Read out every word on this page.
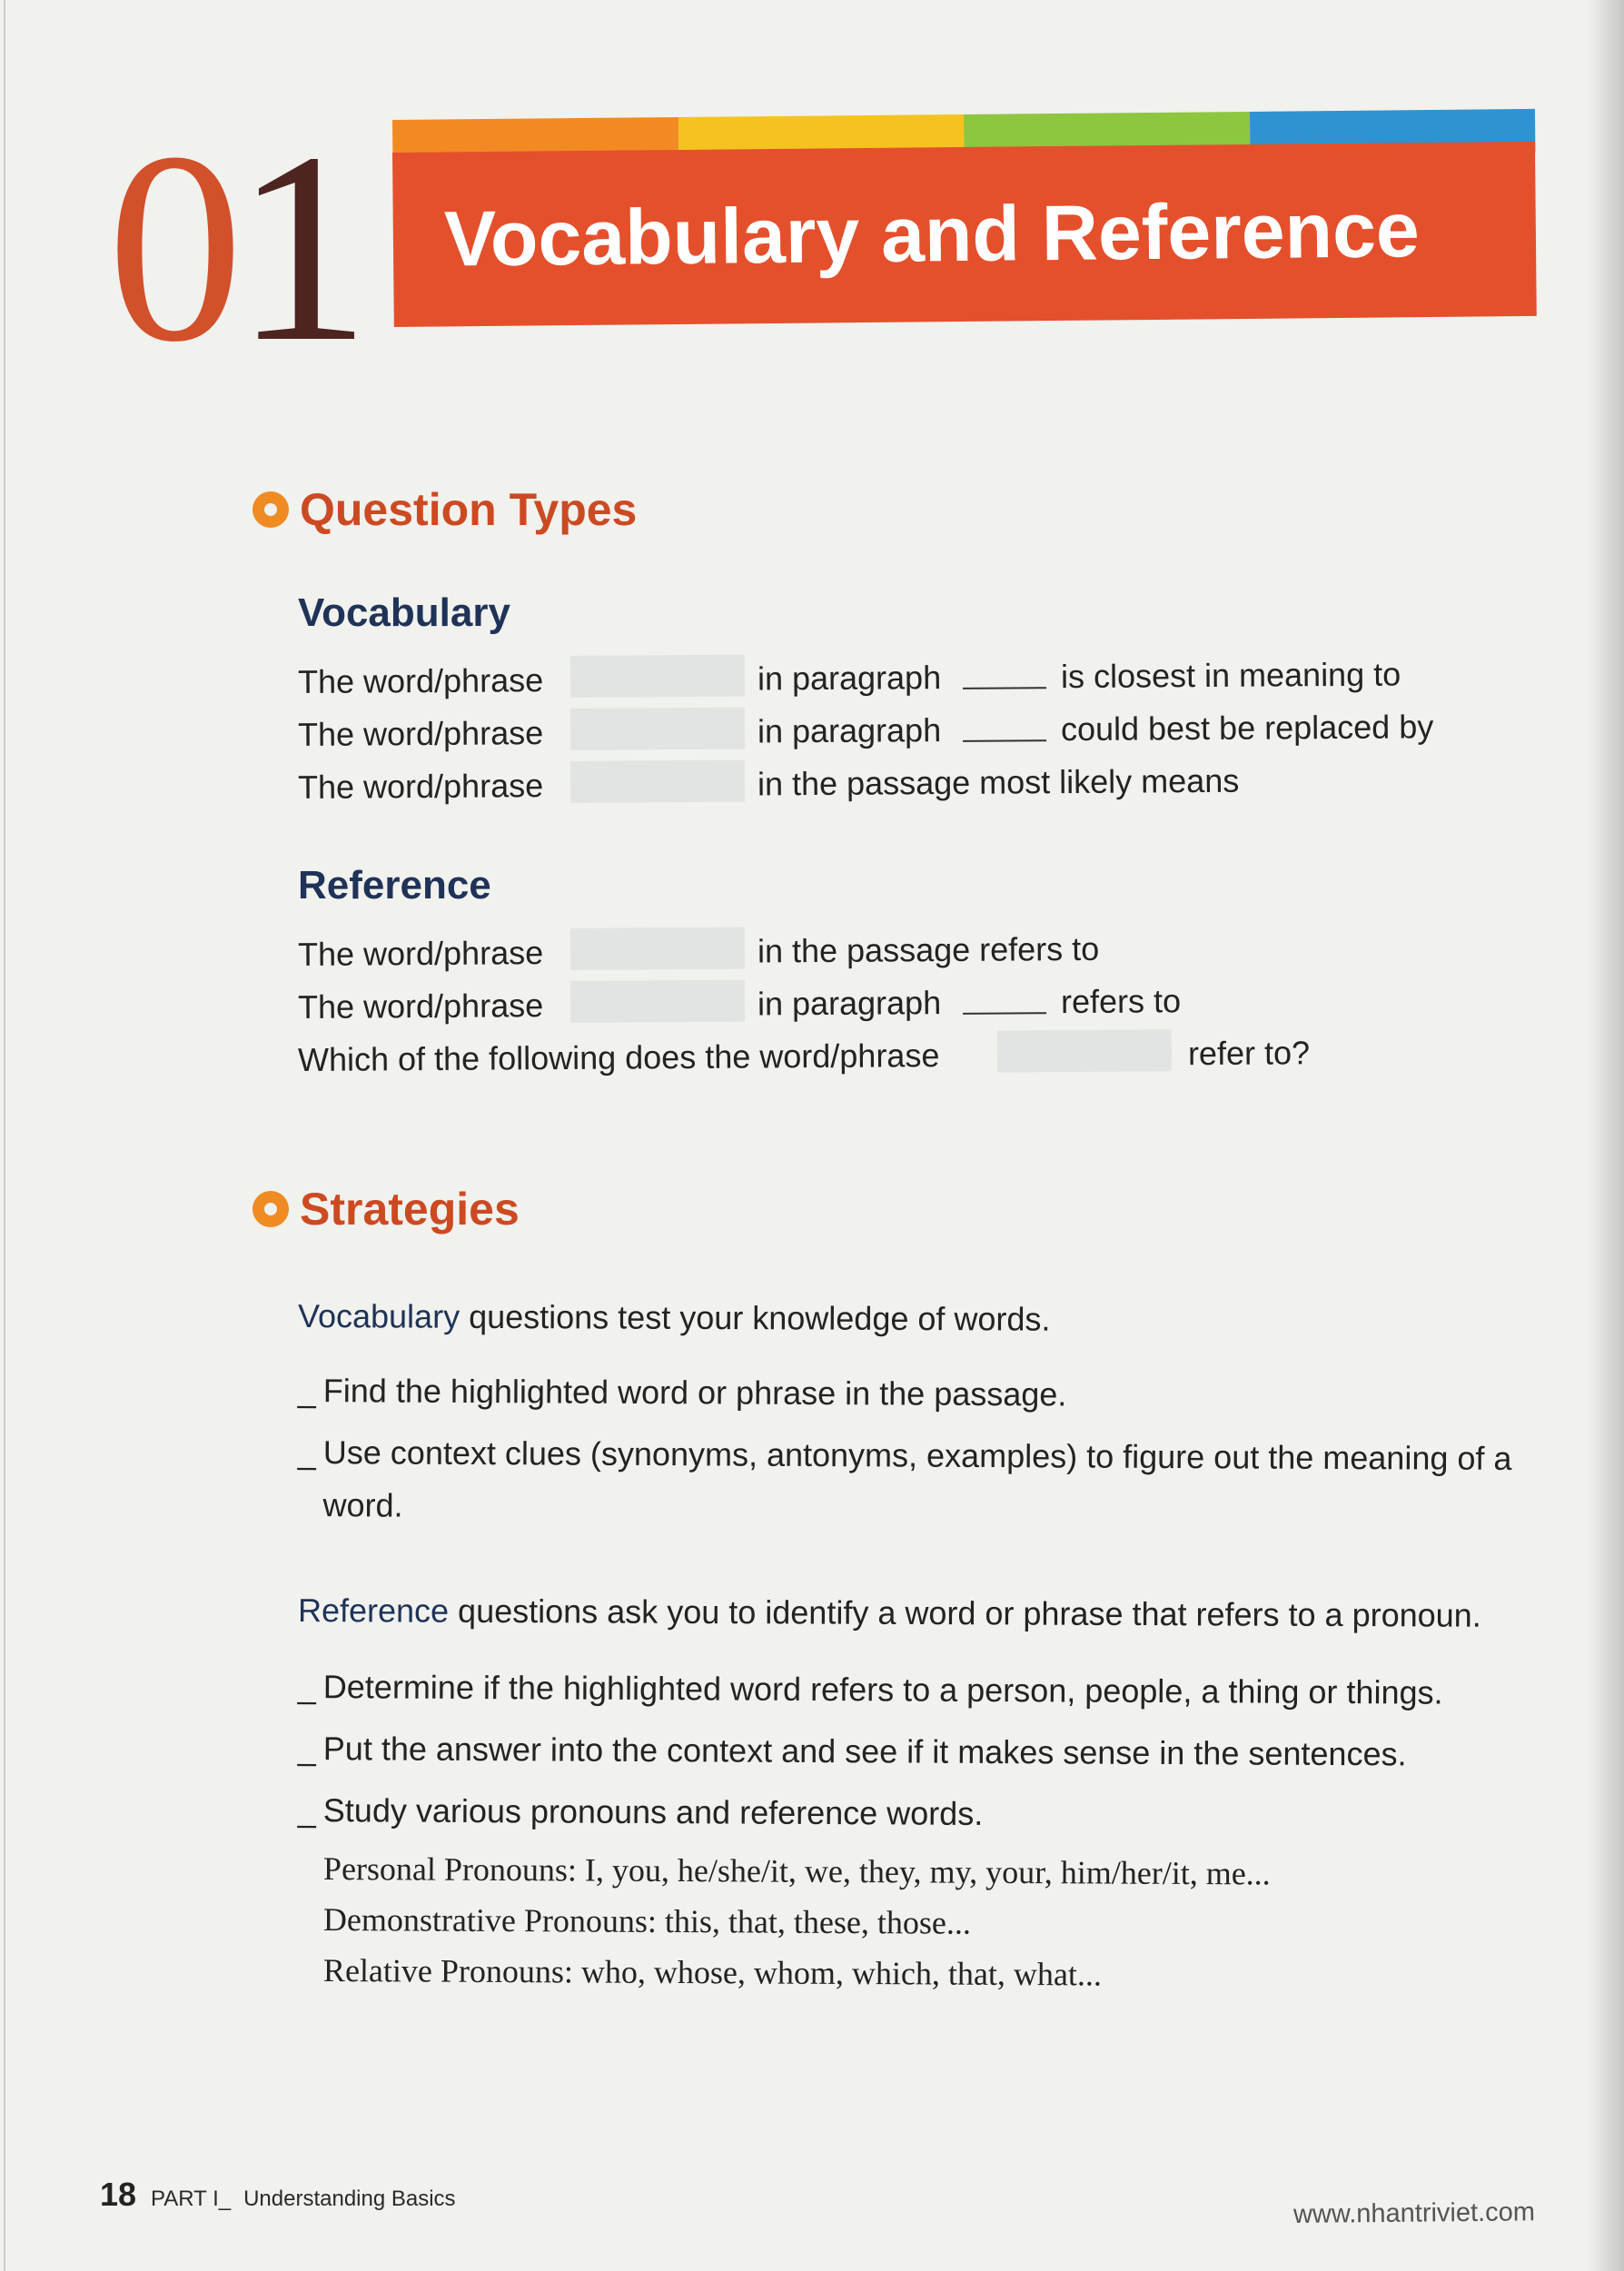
01	Vocabulary and Reference
Question Types
Vocabulary
The word/phrase	in paragraph	is closest in meaning to
The word/phrase	in paragraph	could best be replaced by
The word/phrase	in the passage most likely means
Reference
The word/phrase	in the passage refers to
The word/phrase	in paragraph	refers to
Which of the following does the word/phrase	refer to?
Strategies
Vocabulary questions test your knowledge of words.
_ Find the highlighted word or phrase in the passage.
_ Use context clues (synonyms, antonyms, examples) to figure out the meaning of a word.
Reference questions ask you to identify a word or phrase that refers to a pronoun.
_ Determine if the highlighted word refers to a person, people, a thing or things.
_ Put the answer into the context and see if it makes sense in the sentences.
_ Study various pronouns and reference words.
Personal Pronouns: I, you, he/she/it, we, they, my, your, him/her/it, me...
Demonstrative Pronouns: this, that, these, those...
Relative Pronouns: who, whose, whom, which, that, what...
18 PART I_ Understanding Basics	www.nhantriviet.com
